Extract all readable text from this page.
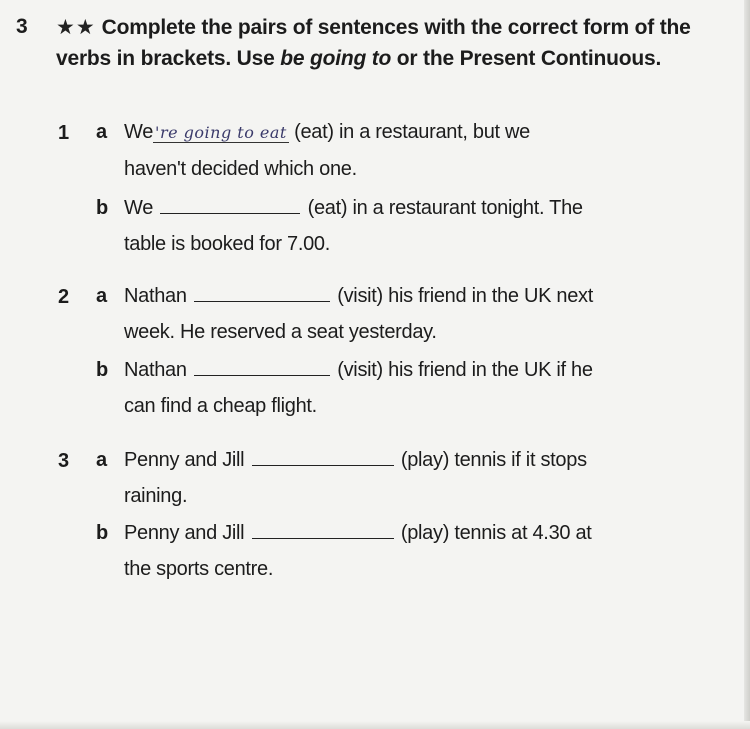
3 ★★ Complete the pairs of sentences with the correct form of the verbs in brackets. Use be going to or the Present Continuous.
1 a We 're going to eat (eat) in a restaurant, but we
haven't decided which one.
b We	(eat) in a restaurant tonight. The
table is booked for 7.00.
2 a Nathan	(visit) his friend in the UK next
week. He reserved a seat yesterday.
b Nathan	(visit) his friend in the UK if he
can find a cheap flight.
3 a Penny and Jill	(play) tennis if it stops
raining.
b Penny and Jill	(play) tennis at 4.30 at
the sports centre.
